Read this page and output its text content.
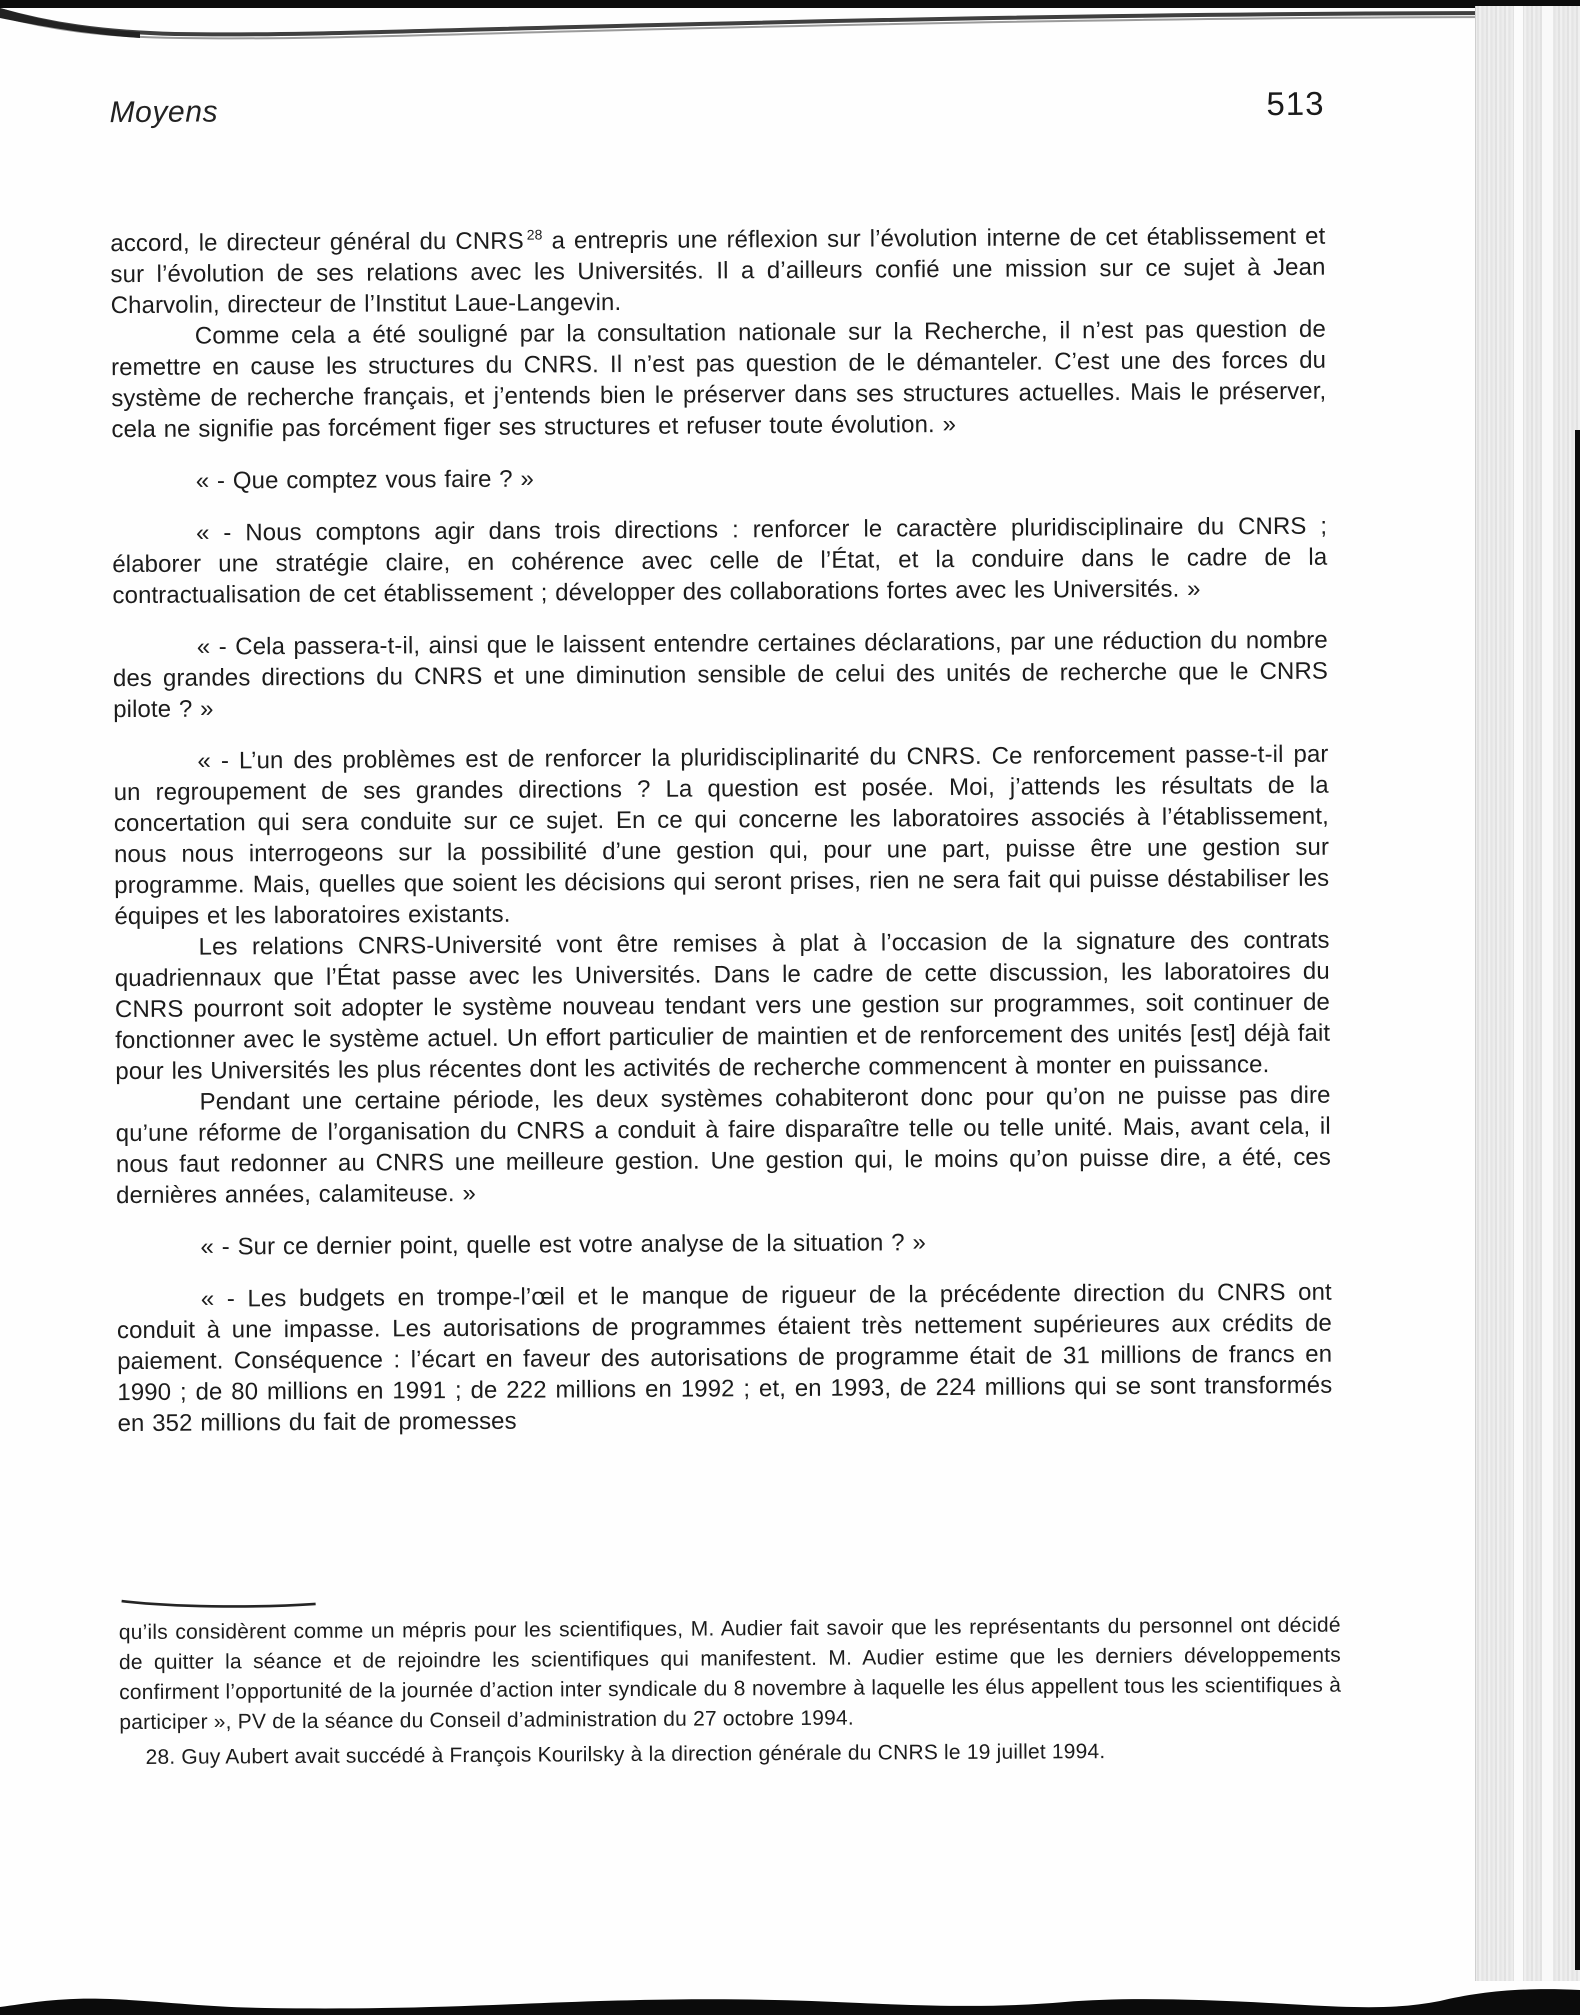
Moyens	513

accord, le directeur général du CNRS $^{28}$ a entrepris une réflexion sur l’évolution interne de cet établissement et sur l’évolution de ses relations avec les Universités. Il a d’ailleurs confié une mission sur ce sujet à Jean Charvolin, directeur de l’Institut Laue-Langevin.

Comme cela a été souligné par la consultation nationale sur la Recherche, il n’est pas question de remettre en cause les structures du CNRS. Il n’est pas question de le démanteler. C’est une des forces du système de recherche français, et j’entends bien le préserver dans ses structures actuelles. Mais le préserver, cela ne signifie pas forcément figer ses structures et refuser toute évolution. »

« - Que comptez vous faire ? »

« - Nous comptons agir dans trois directions : renforcer le caractère pluridisciplinaire du CNRS ; élaborer une stratégie claire, en cohérence avec celle de l’État, et la conduire dans le cadre de la contractualisation de cet établissement ; développer des collaborations fortes avec les Universités. »

« - Cela passera-t-il, ainsi que le laissent entendre certaines déclarations, par une réduction du nombre des grandes directions du CNRS et une diminution sensible de celui des unités de recherche que le CNRS pilote ? »

« - L’un des problèmes est de renforcer la pluridisciplinarité du CNRS. Ce renforcement passe-t-il par un regroupement de ses grandes directions ? La question est posée. Moi, j’attends les résultats de la concertation qui sera conduite sur ce sujet. En ce qui concerne les laboratoires associés à l’établissement, nous nous interrogeons sur la possibilité d’une gestion qui, pour une part, puisse être une gestion sur programme. Mais, quelles que soient les décisions qui seront prises, rien ne sera fait qui puisse déstabiliser les équipes et les laboratoires existants.

Les relations CNRS-Université vont être remises à plat à l’occasion de la signature des contrats quadriennaux que l’État passe avec les Universités. Dans le cadre de cette discussion, les laboratoires du CNRS pourront soit adopter le système nouveau tendant vers une gestion sur programmes, soit continuer de fonctionner avec le système actuel. Un effort particulier de maintien et de renforcement des unités [est] déjà fait pour les Universités les plus récentes dont les activités de recherche commencent à monter en puissance.

Pendant une certaine période, les deux systèmes cohabiteront donc pour qu’on ne puisse pas dire qu’une réforme de l’organisation du CNRS a conduit à faire disparaître telle ou telle unité. Mais, avant cela, il nous faut redonner au CNRS une meilleure gestion. Une gestion qui, le moins qu’on puisse dire, a été, ces dernières années, calamiteuse. »

« - Sur ce dernier point, quelle est votre analyse de la situation ? »

« - Les budgets en trompe-l’œil et le manque de rigueur de la précédente direction du CNRS ont conduit à une impasse. Les autorisations de programmes étaient très nettement supérieures aux crédits de paiement. Conséquence : l’écart en faveur des autorisations de programme était de 31 millions de francs en 1990 ; de 80 millions en 1991 ; de 222 millions en 1992 ; et, en 1993, de 224 millions qui se sont transformés en 352 millions du fait de promesses

qu’ils considèrent comme un mépris pour les scientifiques, M. Audier fait savoir que les représentants du personnel ont décidé de quitter la séance et de rejoindre les scientifiques qui manifestent. M. Audier estime que les derniers développements confirment l’opportunité de la journée d’action inter syndicale du 8 novembre à laquelle les élus appellent tous les scientifiques à participer », PV de la séance du Conseil d’administration du 27 octobre 1994.

28. Guy Aubert avait succédé à François Kourilsky à la direction générale du CNRS le 19 juillet 1994.
